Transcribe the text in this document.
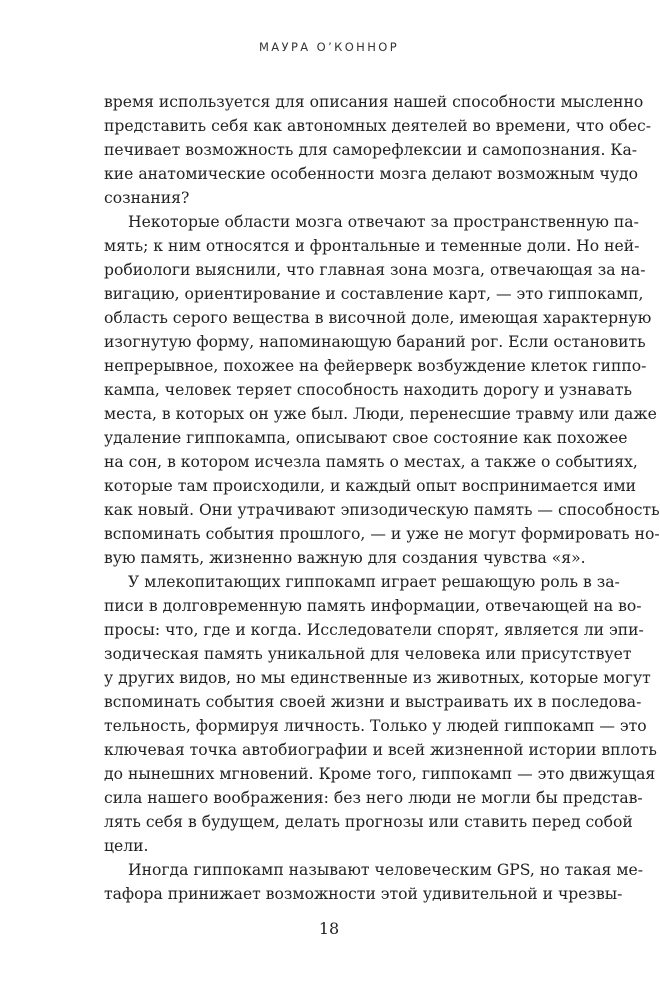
МАУРА О’КОННОР
время используется для описания нашей способности мысленно
представить себя как автономных деятелей во времени, что обес-
печивает возможность для саморефлексии и самопознания. Ка-
кие анатомические особенности мозга делают возможным чудо
сознания?
Некоторые области мозга отвечают за пространственную па-
мять; к ним относятся и фронтальные и теменные доли. Но ней-
робиологи выяснили, что главная зона мозга, отвечающая за на-
вигацию, ориентирование и составление карт, — это гиппокамп,
область серого вещества в височной доле, имеющая характерную
изогнутую форму, напоминающую бараний рог. Если остановить
непрерывное, похожее на фейерверк возбуждение клеток гиппо-
кампа, человек теряет способность находить дорогу и узнавать
места, в которых он уже был. Люди, перенесшие травму или даже
удаление гиппокампа, описывают свое состояние как похожее
на сон, в котором исчезла память о местах, а также о событиях,
которые там происходили, и каждый опыт воспринимается ими
как новый. Они утрачивают эпизодическую память — способность
вспоминать события прошлого, — и уже не могут формировать но-
вую память, жизненно важную для создания чувства «я».
У млекопитающих гиппокамп играет решающую роль в за-
писи в долговременную память информации, отвечающей на во-
просы: что, где и когда. Исследователи спорят, является ли эпи-
зодическая память уникальной для человека или присутствует
у других видов, но мы единственные из животных, которые могут
вспоминать события своей жизни и выстраивать их в последова-
тельность, формируя личность. Только у людей гиппокамп — это
ключевая точка автобиографии и всей жизненной истории вплоть
до нынешних мгновений. Кроме того, гиппокамп — это движущая
сила нашего воображения: без него люди не могли бы представ-
лять себя в будущем, делать прогнозы или ставить перед собой
цели.
Иногда гиппокамп называют человеческим GPS, но такая ме-
тафора принижает возможности этой удивительной и чрезвы-
18
